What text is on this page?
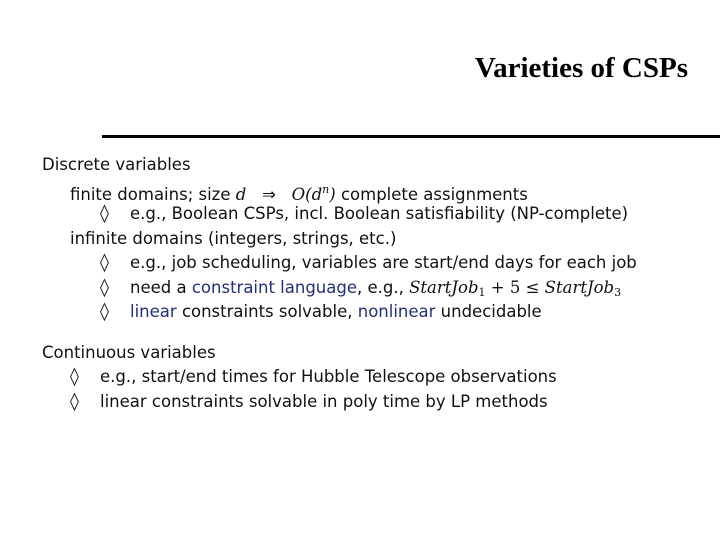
Varieties of CSPs
Discrete variables
finite domains; size d ⇒ $O(d^n)$ complete assignments
◊ e.g., Boolean CSPs, incl. Boolean satisfiability (NP-complete)
infinite domains (integers, strings, etc.)
◊ e.g., job scheduling, variables are start/end days for each job
◊ need a constraint language, e.g., StartJob$_1$ + 5 ≤ StartJob$_3$
◊ linear constraints solvable, nonlinear undecidable
Continuous variables
◊ e.g., start/end times for Hubble Telescope observations
◊ linear constraints solvable in poly time by LP methods
